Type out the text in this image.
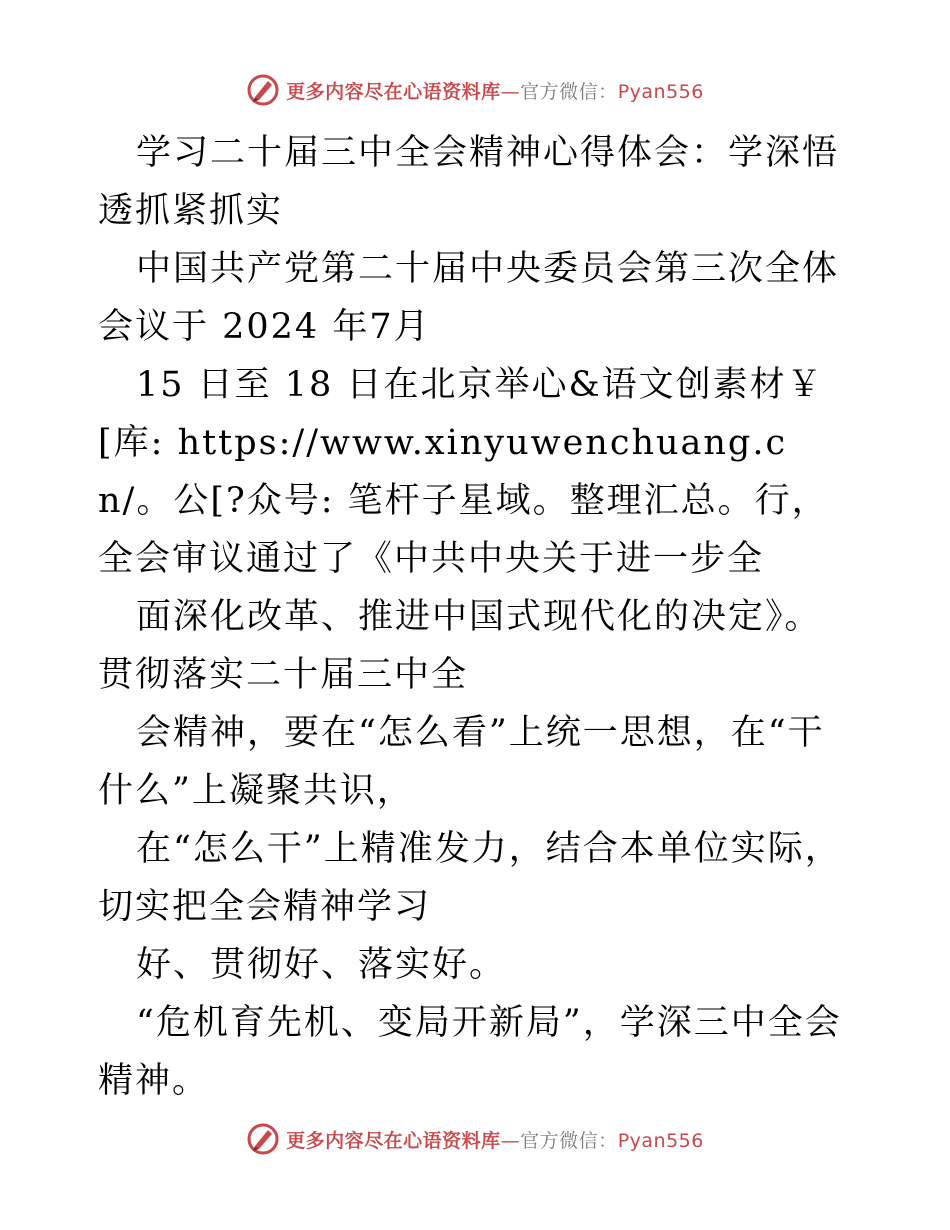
更多内容尽在心语资料库—官方微信：Pyan556

学习二十届三中全会精神心得体会：学深悟透抓紧抓实

中国共产党第二十届中央委员会第三次全体会议于 2024 年7月

15 日至 18 日在北京举心&语文创素材￥[库: https://www.xinyuwenchuang.cn/。公[?众号: 笔杆子星域。整理汇总。行，全会审议通过了《中共中央关于进一步全

面深化改革、推进中国式现代化的决定》。贯彻落实二十届三中全

会精神，要在“怎么看”上统一思想，在“干什么”上凝聚共识，

在“怎么干”上精准发力，结合本单位实际，切实把全会精神学习

好、贯彻好、落实好。

“危机育先机、变局开新局”，学深三中全会精神。

更多内容尽在心语资料库—官方微信：Pyan556
